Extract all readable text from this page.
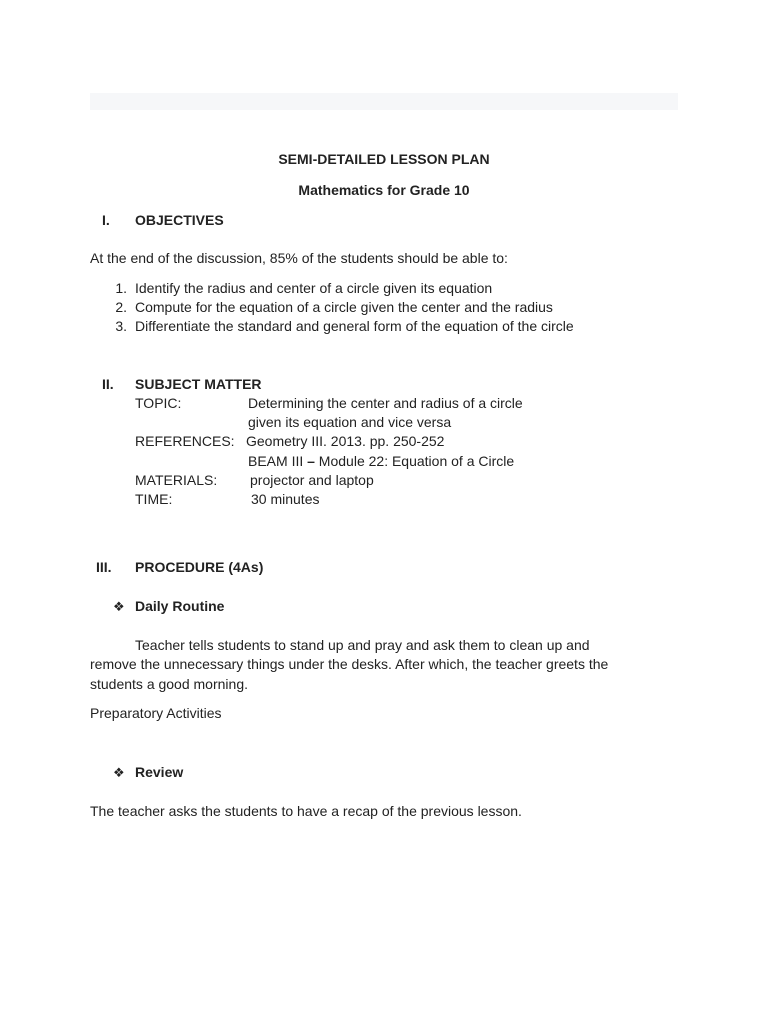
SEMI-DETAILED LESSON PLAN
Mathematics for Grade 10
I. OBJECTIVES
At the end of the discussion, 85% of the students should be able to:
1. Identify the radius and center of a circle given its equation
2. Compute for the equation of a circle given the center and the radius
3. Differentiate the standard and general form of the equation of the circle
II. SUBJECT MATTER
TOPIC:	Determining the center and radius of a circle
given its equation and vice versa
REFERENCES: Geometry III. 2013. pp. 250-252
BEAM III – Module 22: Equation of a Circle
MATERIALS: projector and laptop
TIME:	30 minutes
III. PROCEDURE (4As)
❖ Daily Routine
Teacher tells students to stand up and pray and ask them to clean up and
remove the unnecessary things under the desks. After which, the teacher greets the
students a good morning.
Preparatory Activities
❖ Review
The teacher asks the students to have a recap of the previous lesson.
